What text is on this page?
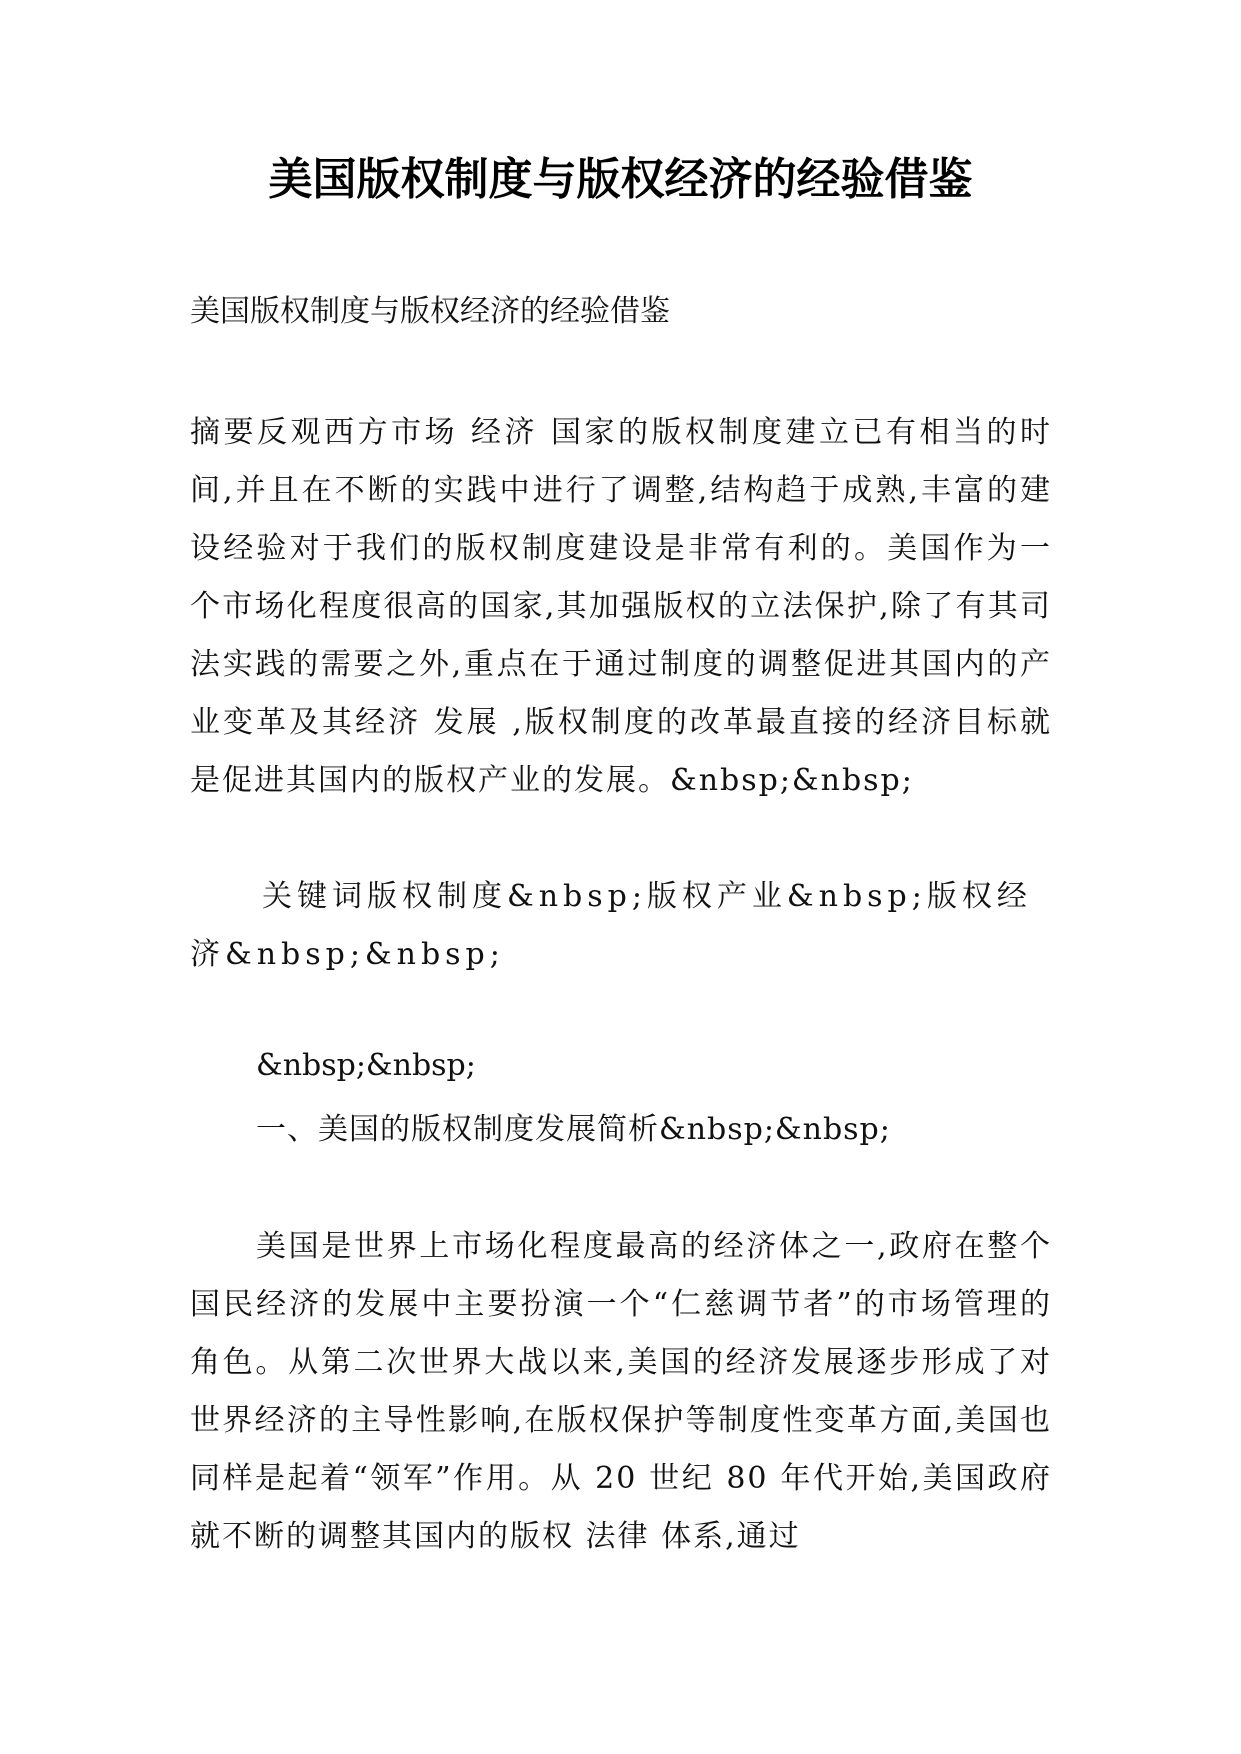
美国版权制度与版权经济的经验借鉴
美国版权制度与版权经济的经验借鉴
摘要反观西方市场 经济 国家的版权制度建立已有相当的时间,并且在不断的实践中进行了调整,结构趋于成熟,丰富的建设经验对于我们的版权制度建设是非常有利的。美国作为一个市场化程度很高的国家,其加强版权的立法保护,除了有其司法实践的需要之外,重点在于通过制度的调整促进其国内的产业变革及其经济 发展 ,版权制度的改革最直接的经济目标就是促进其国内的版权产业的发展。&nbsp;&nbsp;
关键词版权制度&nbsp;版权产业&nbsp;版权经济&nbsp;&nbsp;
&nbsp;&nbsp;
一、美国的版权制度发展简析&nbsp;&nbsp;
美国是世界上市场化程度最高的经济体之一,政府在整个国民经济的发展中主要扮演一个“仁慈调节者”的市场管理的角色。从第二次世界大战以来,美国的经济发展逐步形成了对世界经济的主导性影响,在版权保护等制度性变革方面,美国也同样是起着“领军”作用。从 20 世纪 80 年代开始,美国政府就不断的调整其国内的版权 法律 体系,通过
